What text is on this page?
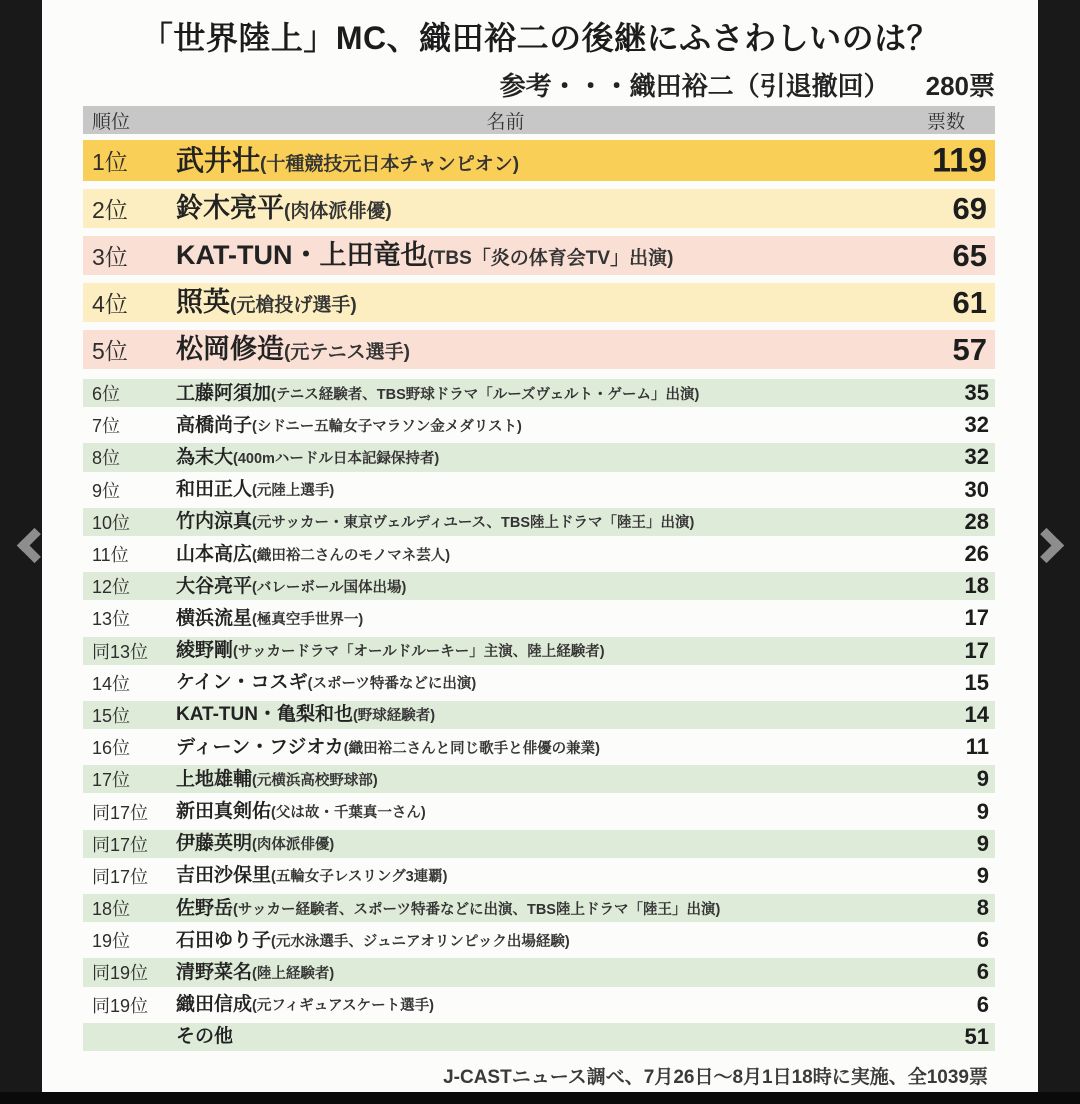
「世界陸上」MC、織田裕二の後継にふさわしいのは？
参考・・・織田裕二（引退撤回） 280票
順位	名前	票数
1位	武井壮(十種競技元日本チャンピオン)	119
2位	鈴木亮平(肉体派俳優)	69
3位	KAT-TUN・上田竜也(TBS「炎の体育会TV」出演)	65
4位	照英(元槍投げ選手)	61
5位	松岡修造(元テニス選手)	57
6位	工藤阿須加(テニス経験者、TBS野球ドラマ「ルーズヴェルト・ゲーム」出演)	35
7位	高橋尚子(シドニー五輪女子マラソン金メダリスト)	32
8位	為末大(400mハードル日本記録保持者)	32
9位	和田正人(元陸上選手)	30
10位	竹内涼真(元サッカー・東京ヴェルディユース、TBS陸上ドラマ「陸王」出演)	28
11位	山本高広(織田裕二さんのモノマネ芸人)	26
12位	大谷亮平(バレーボール国体出場)	18
13位	横浜流星(極真空手世界一)	17
同13位	綾野剛(サッカードラマ「オールドルーキー」主演、陸上経験者)	17
14位	ケイン・コスギ(スポーツ特番などに出演)	15
15位	KAT-TUN・亀梨和也(野球経験者)	14
16位	ディーン・フジオカ(織田裕二さんと同じ歌手と俳優の兼業)	11
17位	上地雄輔(元横浜高校野球部)	9
同17位	新田真剣佑(父は故・千葉真一さん)	9
同17位	伊藤英明(肉体派俳優)	9
同17位	吉田沙保里(五輪女子レスリング3連覇)	9
18位	佐野岳(サッカー経験者、スポーツ特番などに出演、TBS陸上ドラマ「陸王」出演)	8
19位	石田ゆり子(元水泳選手、ジュニアオリンピック出場経験)	6
同19位	清野菜名(陸上経験者)	6
同19位	織田信成(元フィギュアスケート選手)	6
その他	51
J-CASTニュース調べ、7月26日～8月1日18時に実施、全1039票
